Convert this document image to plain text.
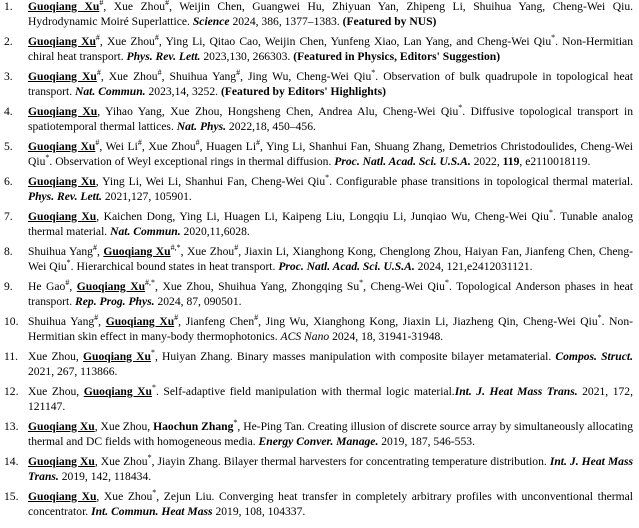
1.	Guoqiang Xu#, Xue Zhou#, Weijin Chen, Guangwei Hu, Zhiyuan Yan, Zhipeng Li, Shuihua Yang, Cheng-Wei Qiu. Hydrodynamic Moiré Superlattice. Science 2024, 386, 1377–1383. (Featured by NUS)
2.	Guoqiang Xu#, Xue Zhou#, Ying Li, Qitao Cao, Weijin Chen, Yunfeng Xiao, Lan Yang, and Cheng-Wei Qiu*. Non-Hermitian chiral heat transport. Phys. Rev. Lett. 2023,130, 266303. (Featured in Physics, Editors' Suggestion)
3.	Guoqiang Xu#, Xue Zhou#, Shuihua Yang#, Jing Wu, Cheng-Wei Qiu*. Observation of bulk quadrupole in topological heat transport. Nat. Commun. 2023,14, 3252. (Featured by Editors' Highlights)
4.	Guoqiang Xu, Yihao Yang, Xue Zhou, Hongsheng Chen, Andrea Alu, Cheng-Wei Qiu*. Diffusive topological transport in spatiotemporal thermal lattices. Nat. Phys. 2022,18, 450–456.
5.	Guoqiang Xu#, Wei Li#, Xue Zhou#, Huagen Li#, Ying Li, Shanhui Fan, Shuang Zhang, Demetrios Christodoulides, Cheng-Wei Qiu*. Observation of Weyl exceptional rings in thermal diffusion. Proc. Natl. Acad. Sci. U.S.A. 2022, 119, e2110018119.
6.	Guoqiang Xu, Ying Li, Wei Li, Shanhui Fan, Cheng-Wei Qiu*. Configurable phase transitions in topological thermal material. Phys. Rev. Lett. 2021,127, 105901.
7.	Guoqiang Xu, Kaichen Dong, Ying Li, Huagen Li, Kaipeng Liu, Longqiu Li, Junqiao Wu, Cheng-Wei Qiu*. Tunable analog thermal material. Nat. Commun. 2020,11,6028.
8.	Shuihua Yang#, Guoqiang Xu#,*, Xue Zhou#, Jiaxin Li, Xianghong Kong, Chenglong Zhou, Haiyan Fan, Jianfeng Chen, Cheng-Wei Qiu*. Hierarchical bound states in heat transport. Proc. Natl. Acad. Sci. U.S.A. 2024, 121,e2412031121.
9.	He Gao#, Guoqiang Xu#,*, Xue Zhou, Shuihua Yang, Zhongqing Su*, Cheng-Wei Qiu*. Topological Anderson phases in heat transport. Rep. Prog. Phys. 2024, 87, 090501.
10. Shuihua Yang#, Guoqiang Xu#, Jianfeng Chen#, Jing Wu, Xianghong Kong, Jiaxin Li, Jiazheng Qin, Cheng-Wei Qiu*. Non-Hermitian skin effect in many-body thermophotonics. ACS Nano 2024, 18, 31941-31948.
11. Xue Zhou, Guoqiang Xu*, Huiyan Zhang. Binary masses manipulation with composite bilayer metamaterial. Compos. Struct. 2021, 267, 113866.
12. Xue Zhou, Guoqiang Xu*. Self-adaptive field manipulation with thermal logic material.Int. J. Heat Mass Trans. 2021, 172, 121147.
13. Guoqiang Xu, Xue Zhou, Haochun Zhang*, He-Ping Tan. Creating illusion of discrete source array by simultaneously allocating thermal and DC fields with homogeneous media. Energy Conver. Manage. 2019, 187, 546-553.
14. Guoqiang Xu, Xue Zhou*, Jiayin Zhang. Bilayer thermal harvesters for concentrating temperature distribution. Int. J. Heat Mass Trans. 2019, 142, 118434.
15. Guoqiang Xu, Xue Zhou*, Zejun Liu. Converging heat transfer in completely arbitrary profiles with unconventional thermal concentrator. Int. Commun. Heat Mass 2019, 108, 104337.
